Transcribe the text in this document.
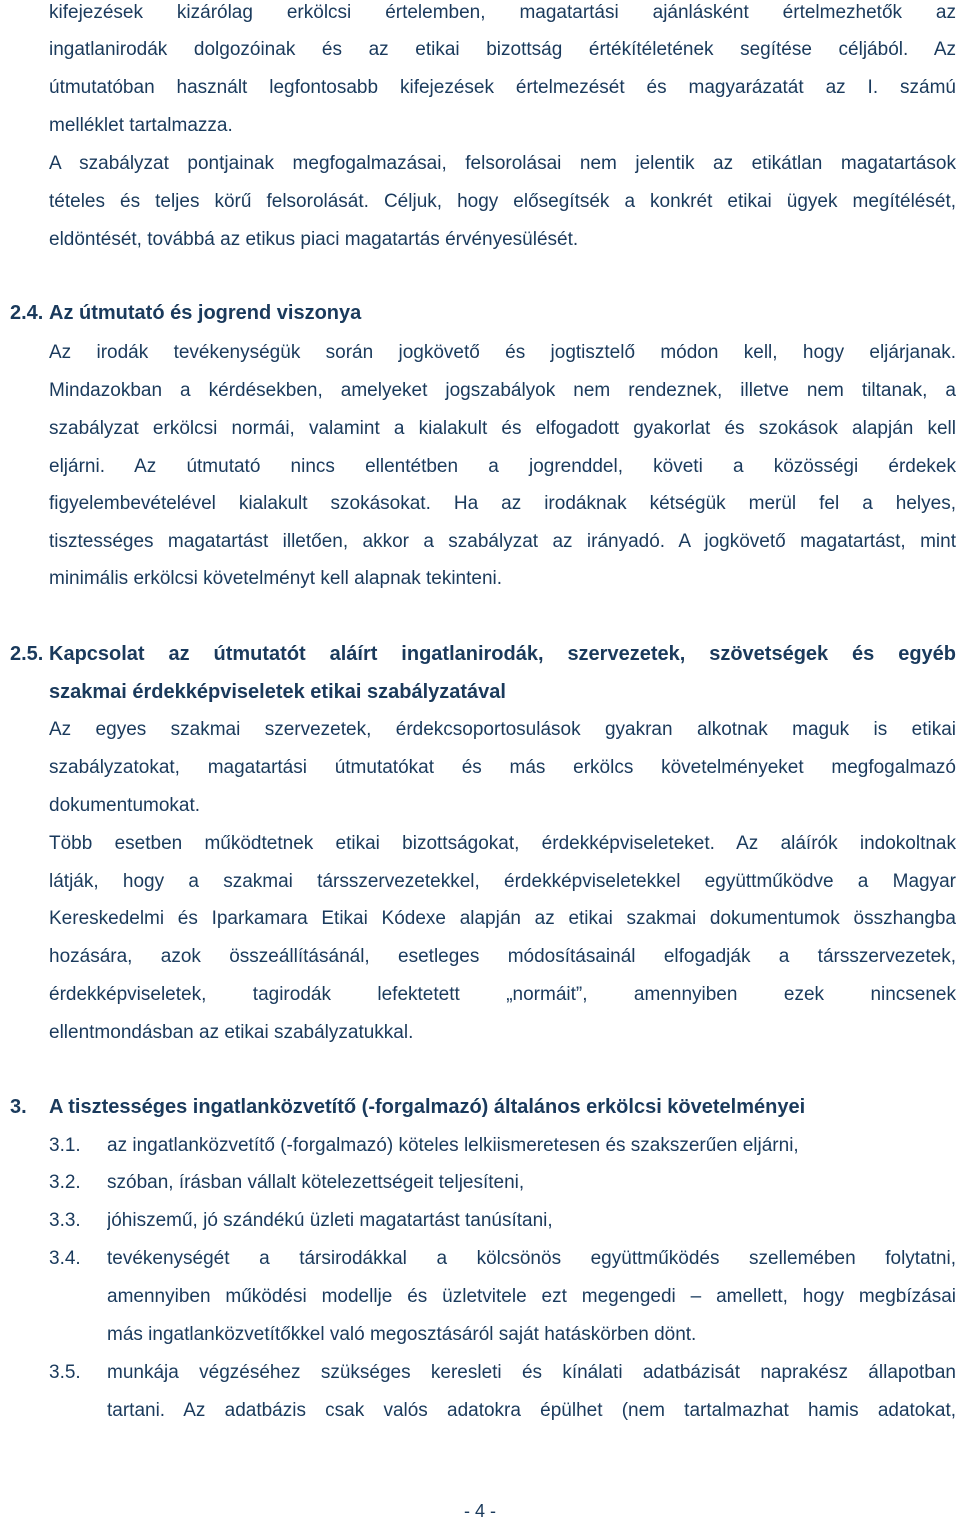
kifejezések kizárólag erkölcsi értelemben, magatartási ajánlásként értelmezhetők az
ingatlanirodák dolgozóinak és az etikai bizottság értékítéletének segítése céljából. Az
útmutatóban használt legfontosabb kifejezések értelmezését és magyarázatát az I. számú
melléklet tartalmazza.
A szabályzat pontjainak megfogalmazásai, felsorolásai nem jelentik az etikátlan magatartások
tételes és teljes körű felsorolását. Céljuk, hogy elősegítsék a konkrét etikai ügyek megítélését,
eldöntését, továbbá az etikus piaci magatartás érvényesülését.
2.4. Az útmutató és jogrend viszonya
Az irodák tevékenységük során jogkövető és jogtisztelő módon kell, hogy eljárjanak.
Mindazokban a kérdésekben, amelyeket jogszabályok nem rendeznek, illetve nem tiltanak, a
szabályzat erkölcsi normái, valamint a kialakult és elfogadott gyakorlat és szokások alapján kell
eljárni. Az útmutató nincs ellentétben a jogrenddel, követi a közösségi érdekek
figyelembevételével kialakult szokásokat. Ha az irodáknak kétségük merül fel a helyes,
tisztességes magatartást illetően, akkor a szabályzat az irányadó. A jogkövető magatartást, mint
minimális erkölcsi követelményt kell alapnak tekinteni.
2.5. Kapcsolat az útmutatót aláírt ingatlanirodák, szervezetek, szövetségek és egyéb
szakmai érdekképviseletek etikai szabályzatával
Az egyes szakmai szervezetek, érdekcsoportosulások gyakran alkotnak maguk is etikai
szabályzatokat, magatartási útmutatókat és más erkölcs követelményeket megfogalmazó
dokumentumokat.
Több esetben működtetnek etikai bizottságokat, érdekképviseleteket. Az aláírók indokoltnak
látják, hogy a szakmai társszervezetekkel, érdekképviseletekkel együttműködve a Magyar
Kereskedelmi és Iparkamara Etikai Kódexe alapján az etikai szakmai dokumentumok összhangba
hozására, azok összeállításánál, esetleges módosításainál elfogadják a társszervezetek,
érdekképviseletek, tagirodák lefektetett „normáit”, amennyiben ezek nincsenek
ellentmondásban az etikai szabályzatukkal.
3. A tisztességes ingatlanközvetítő (-forgalmazó) általános erkölcsi követelményei
3.1. az ingatlanközvetítő (-forgalmazó) köteles lelkiismeretesen és szakszerűen eljárni,
3.2. szóban, írásban vállalt kötelezettségeit teljesíteni,
3.3. jóhiszemű, jó szándékú üzleti magatartást tanúsítani,
3.4. tevékenységét a társirodákkal a kölcsönös együttműködés szellemében folytatni,
amennyiben működési modellje és üzletvitele ezt megengedi – amellett, hogy megbízásai
más ingatlanközvetítőkkel való megosztásáról saját hatáskörben dönt.
3.5. munkája végzéséhez szükséges keresleti és kínálati adatbázisát naprakész állapotban
tartani. Az adatbázis csak valós adatokra épülhet (nem tartalmazhat hamis adatokat,
- 4 -
